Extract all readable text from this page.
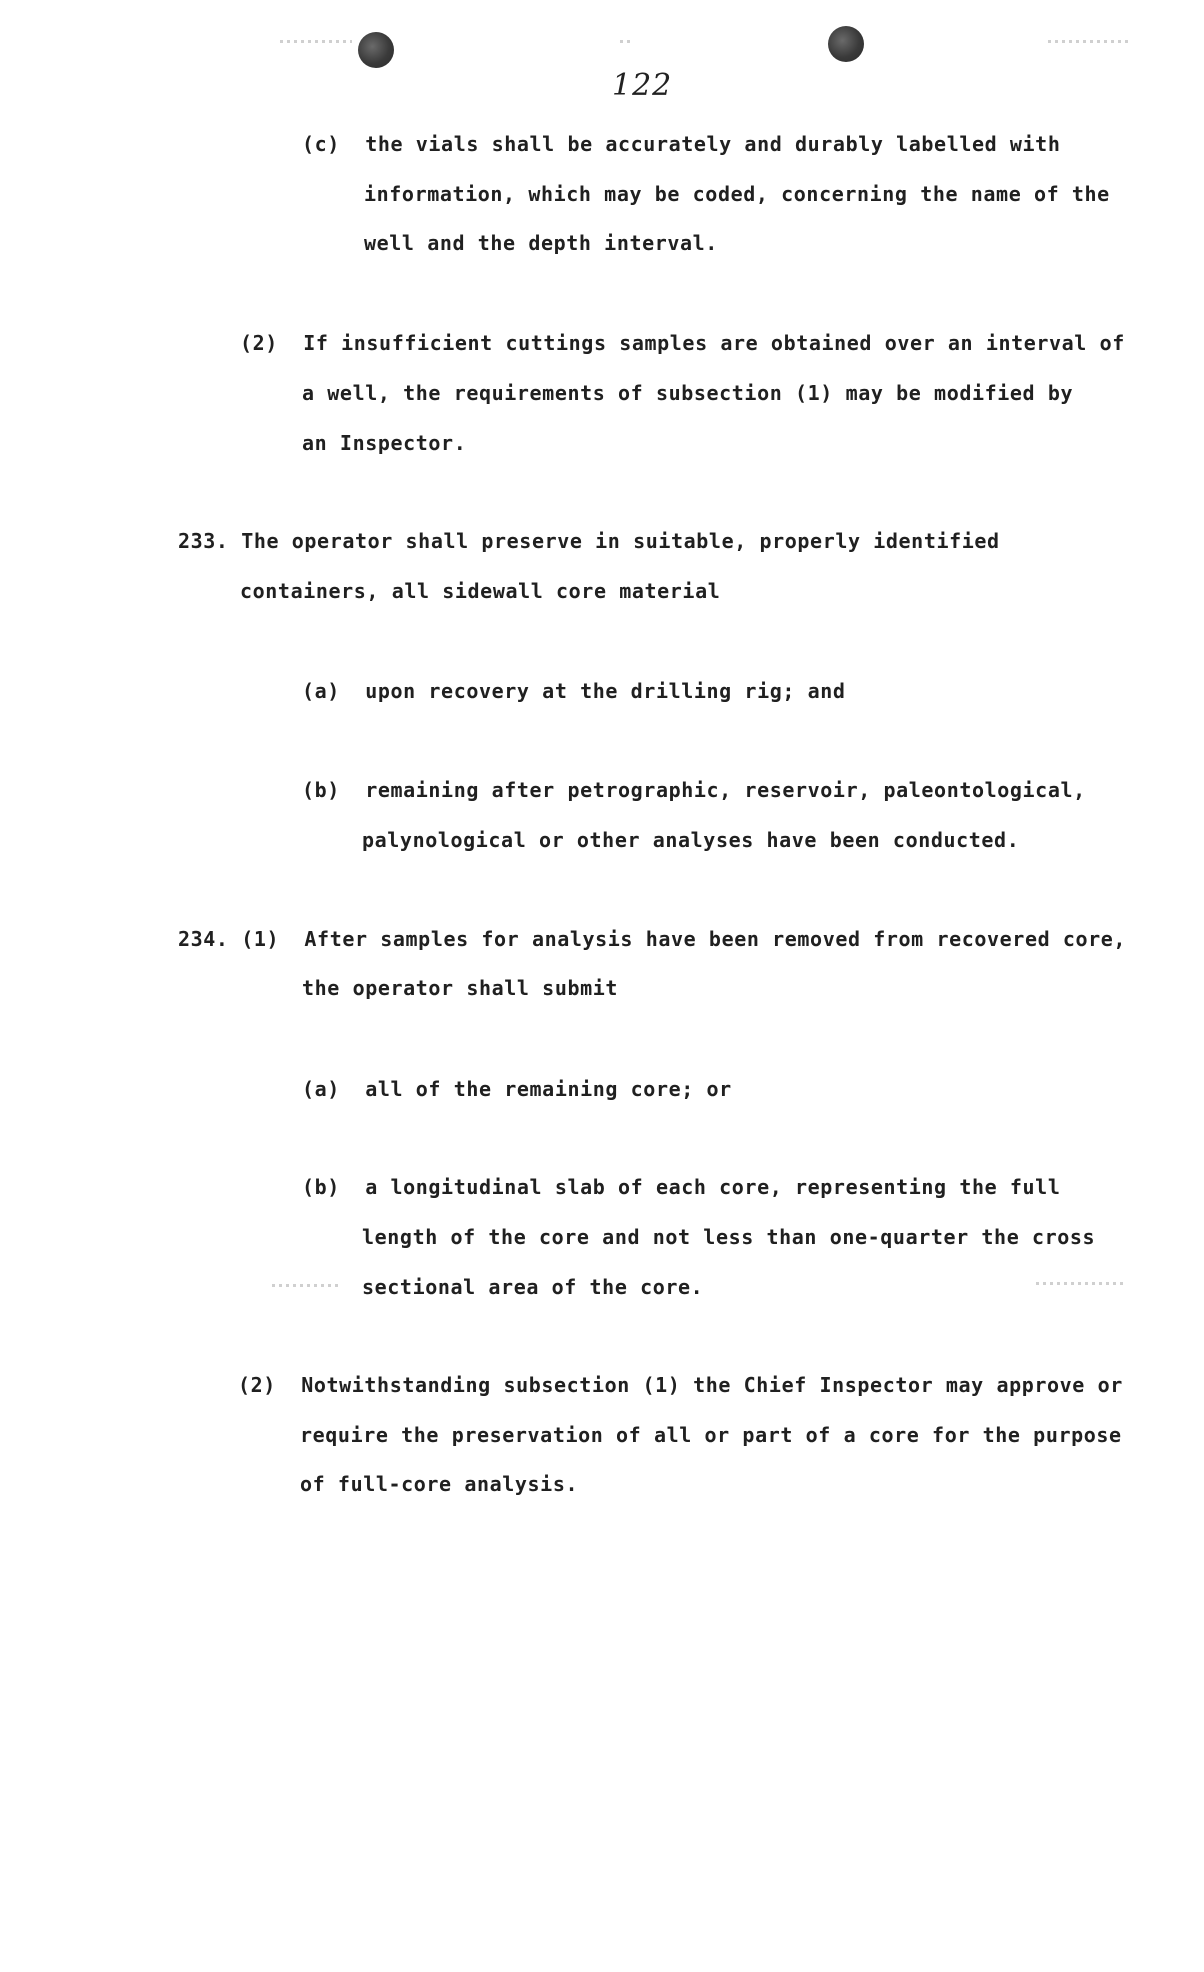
122
(c)  the vials shall be accurately and durably labelled with
information, which may be coded, concerning the name of the
well and the depth interval.
(2)  If insufficient cuttings samples are obtained over an interval of
a well, the requirements of subsection (1) may be modified by
an Inspector.
233. The operator shall preserve in suitable, properly identified
containers, all sidewall core material
(a)  upon recovery at the drilling rig; and
(b)  remaining after petrographic, reservoir, paleontological,
palynological or other analyses have been conducted.
234. (1)  After samples for analysis have been removed from recovered core,
the operator shall submit
(a)  all of the remaining core; or
(b)  a longitudinal slab of each core, representing the full
length of the core and not less than one-quarter the cross
sectional area of the core.
(2)  Notwithstanding subsection (1) the Chief Inspector may approve or
require the preservation of all or part of a core for the purpose
of full-core analysis.
